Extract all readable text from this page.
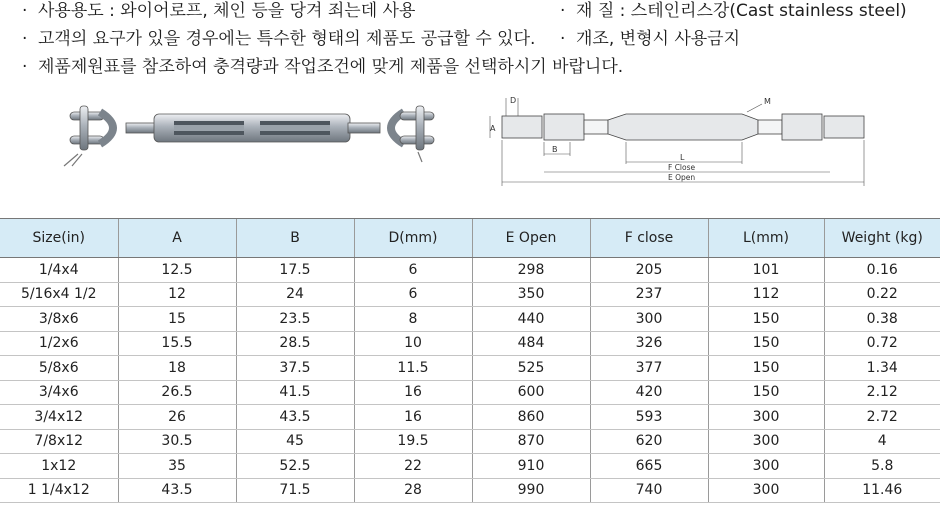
· 사용용도 : 와이어로프, 체인 등을 당겨 죄는데 사용
· 고객의 요구가 있을 경우에는 특수한 형태의 제품도 공급할 수 있다.
· 제품제원표를 참조하여 충격량과 작업조건에 맞게 제품을 선택하시기 바랍니다.
· 재 질 : 스테인리스강(Cast stainless steel)
· 개조, 변형시 사용금지
D
A
B
L
M
F Close
E Open
Size(in)	A	B	D(mm)	E Open	F close	L(mm)	Weight (kg)
1/4x4	12.5	17.5	6	298	205	101	0.16
5/16x4 1/2	12	24	6	350	237	112	0.22
3/8x6	15	23.5	8	440	300	150	0.38
1/2x6	15.5	28.5	10	484	326	150	0.72
5/8x6	18	37.5	11.5	525	377	150	1.34
3/4x6	26.5	41.5	16	600	420	150	2.12
3/4x12	26	43.5	16	860	593	300	2.72
7/8x12	30.5	45	19.5	870	620	300	4
1x12	35	52.5	22	910	665	300	5.8
1 1/4x12	43.5	71.5	28	990	740	300	11.46
